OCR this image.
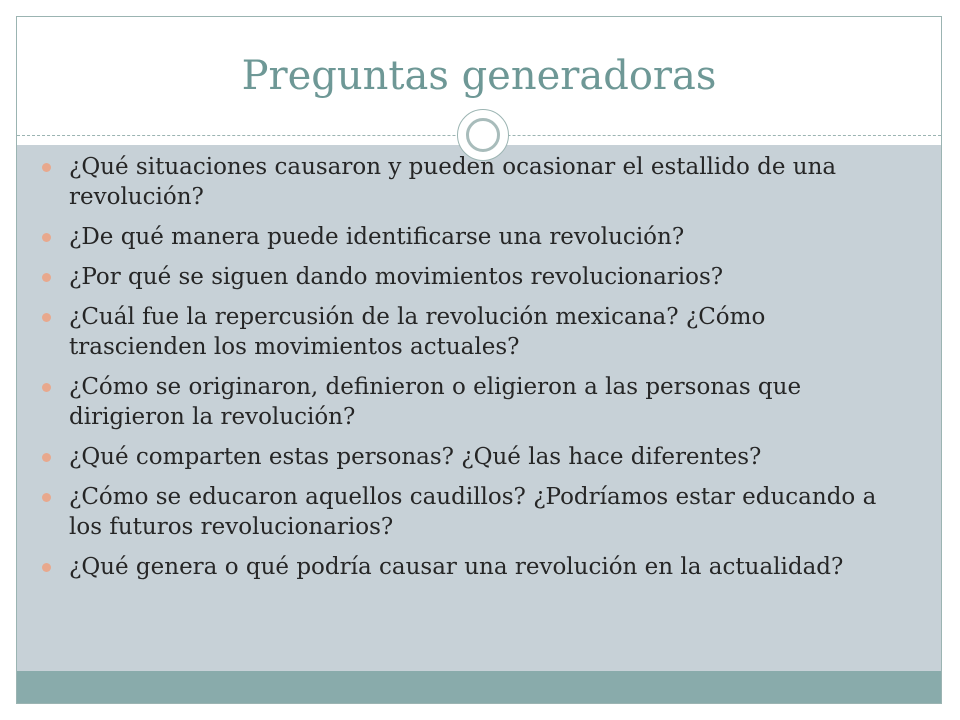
Preguntas generadoras
¿Qué situaciones causaron y pueden ocasionar el estallido de una revolución?
¿De qué manera puede identificarse una revolución?
¿Por qué se siguen dando movimientos revolucionarios?
¿Cuál fue la repercusión de la revolución mexicana? ¿Cómo trascienden los movimientos actuales?
¿Cómo se originaron, definieron o eligieron a las personas que dirigieron la revolución?
¿Qué comparten estas personas? ¿Qué las hace diferentes?
¿Cómo se educaron aquellos caudillos? ¿Podríamos estar educando a los futuros revolucionarios?
¿Qué genera o qué podría causar una revolución en la actualidad?
